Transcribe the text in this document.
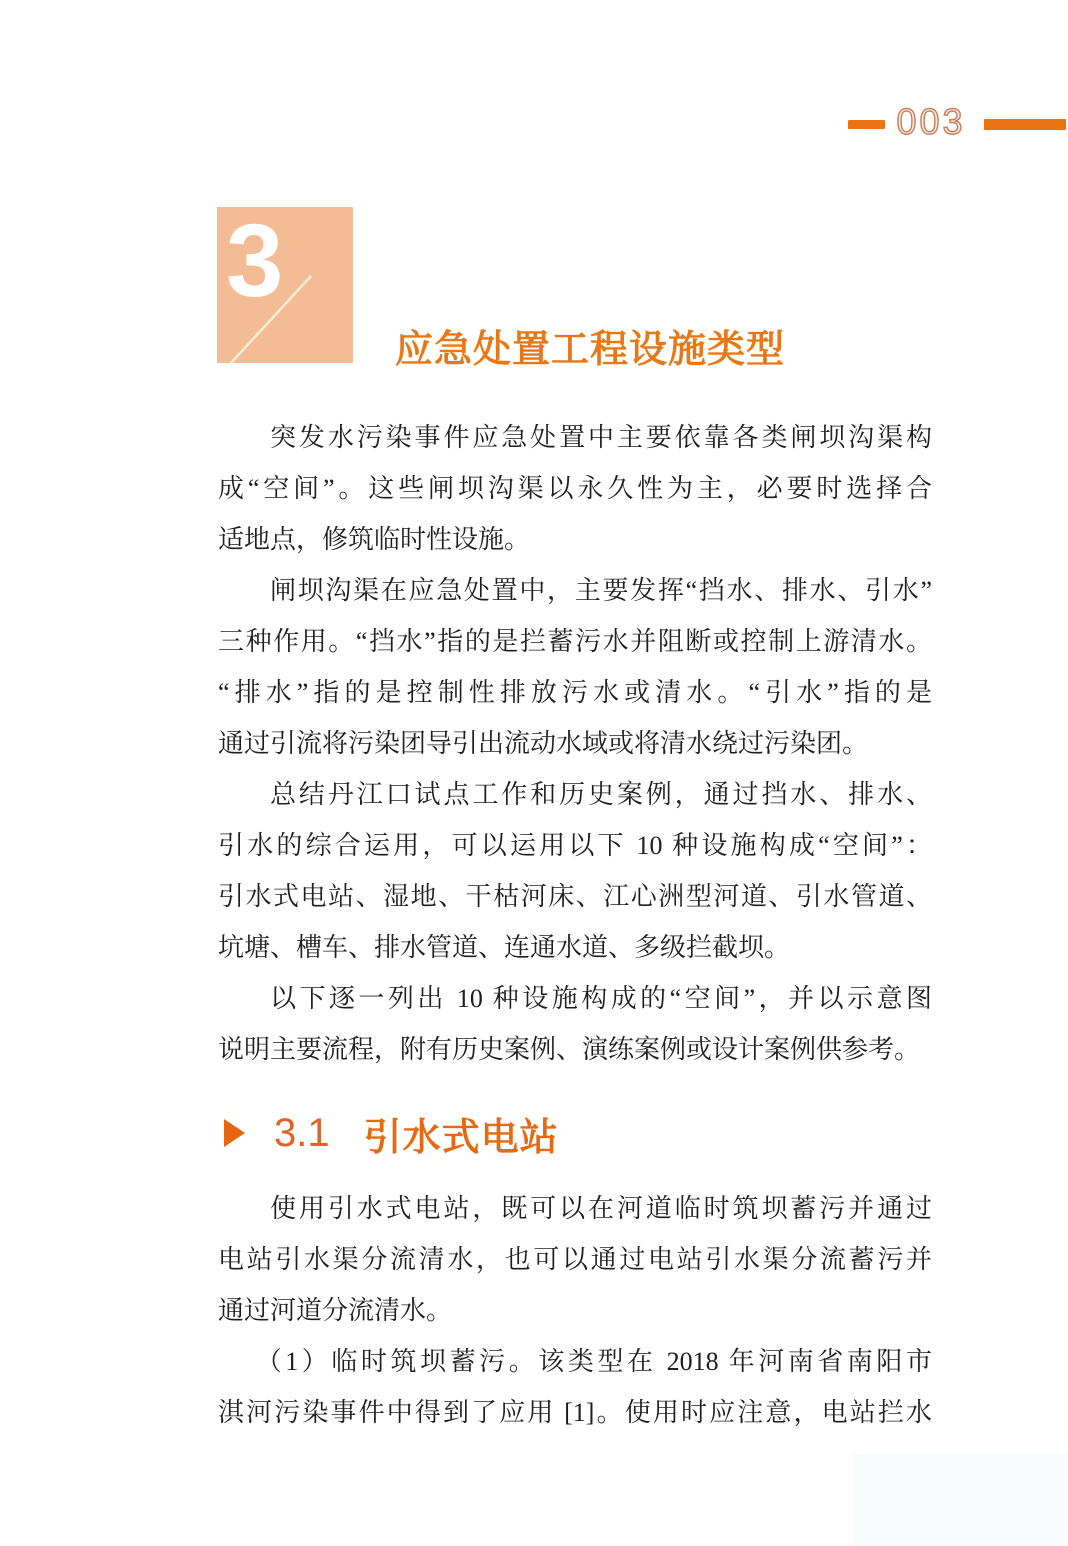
003
3
应急处置工程设施类型
突发水污染事件应急处置中主要依靠各类闸坝沟渠构
成“空间”。这些闸坝沟渠以永久性为主，必要时选择合
适地点，修筑临时性设施。
闸坝沟渠在应急处置中，主要发挥“挡水、排水、引水”
三种作用。“挡水”指的是拦蓄污水并阻断或控制上游清水。
“排水”指的是控制性排放污水或清水。“引水”指的是
通过引流将污染团导引出流动水域或将清水绕过污染团。
总结丹江口试点工作和历史案例，通过挡水、排水、
引水的综合运用，可以运用以下 10 种设施构成“空间”：
引水式电站、湿地、干枯河床、江心洲型河道、引水管道、
坑塘、槽车、排水管道、连通水道、多级拦截坝。
以下逐一列出 10 种设施构成的“空间”，并以示意图
说明主要流程，附有历史案例、演练案例或设计案例供参考。
3.1 引水式电站
使用引水式电站，既可以在河道临时筑坝蓄污并通过
电站引水渠分流清水，也可以通过电站引水渠分流蓄污并
通过河道分流清水。
（1）临时筑坝蓄污。该类型在 2018 年河南省南阳市
淇河污染事件中得到了应用 [1]。使用时应注意，电站拦水
